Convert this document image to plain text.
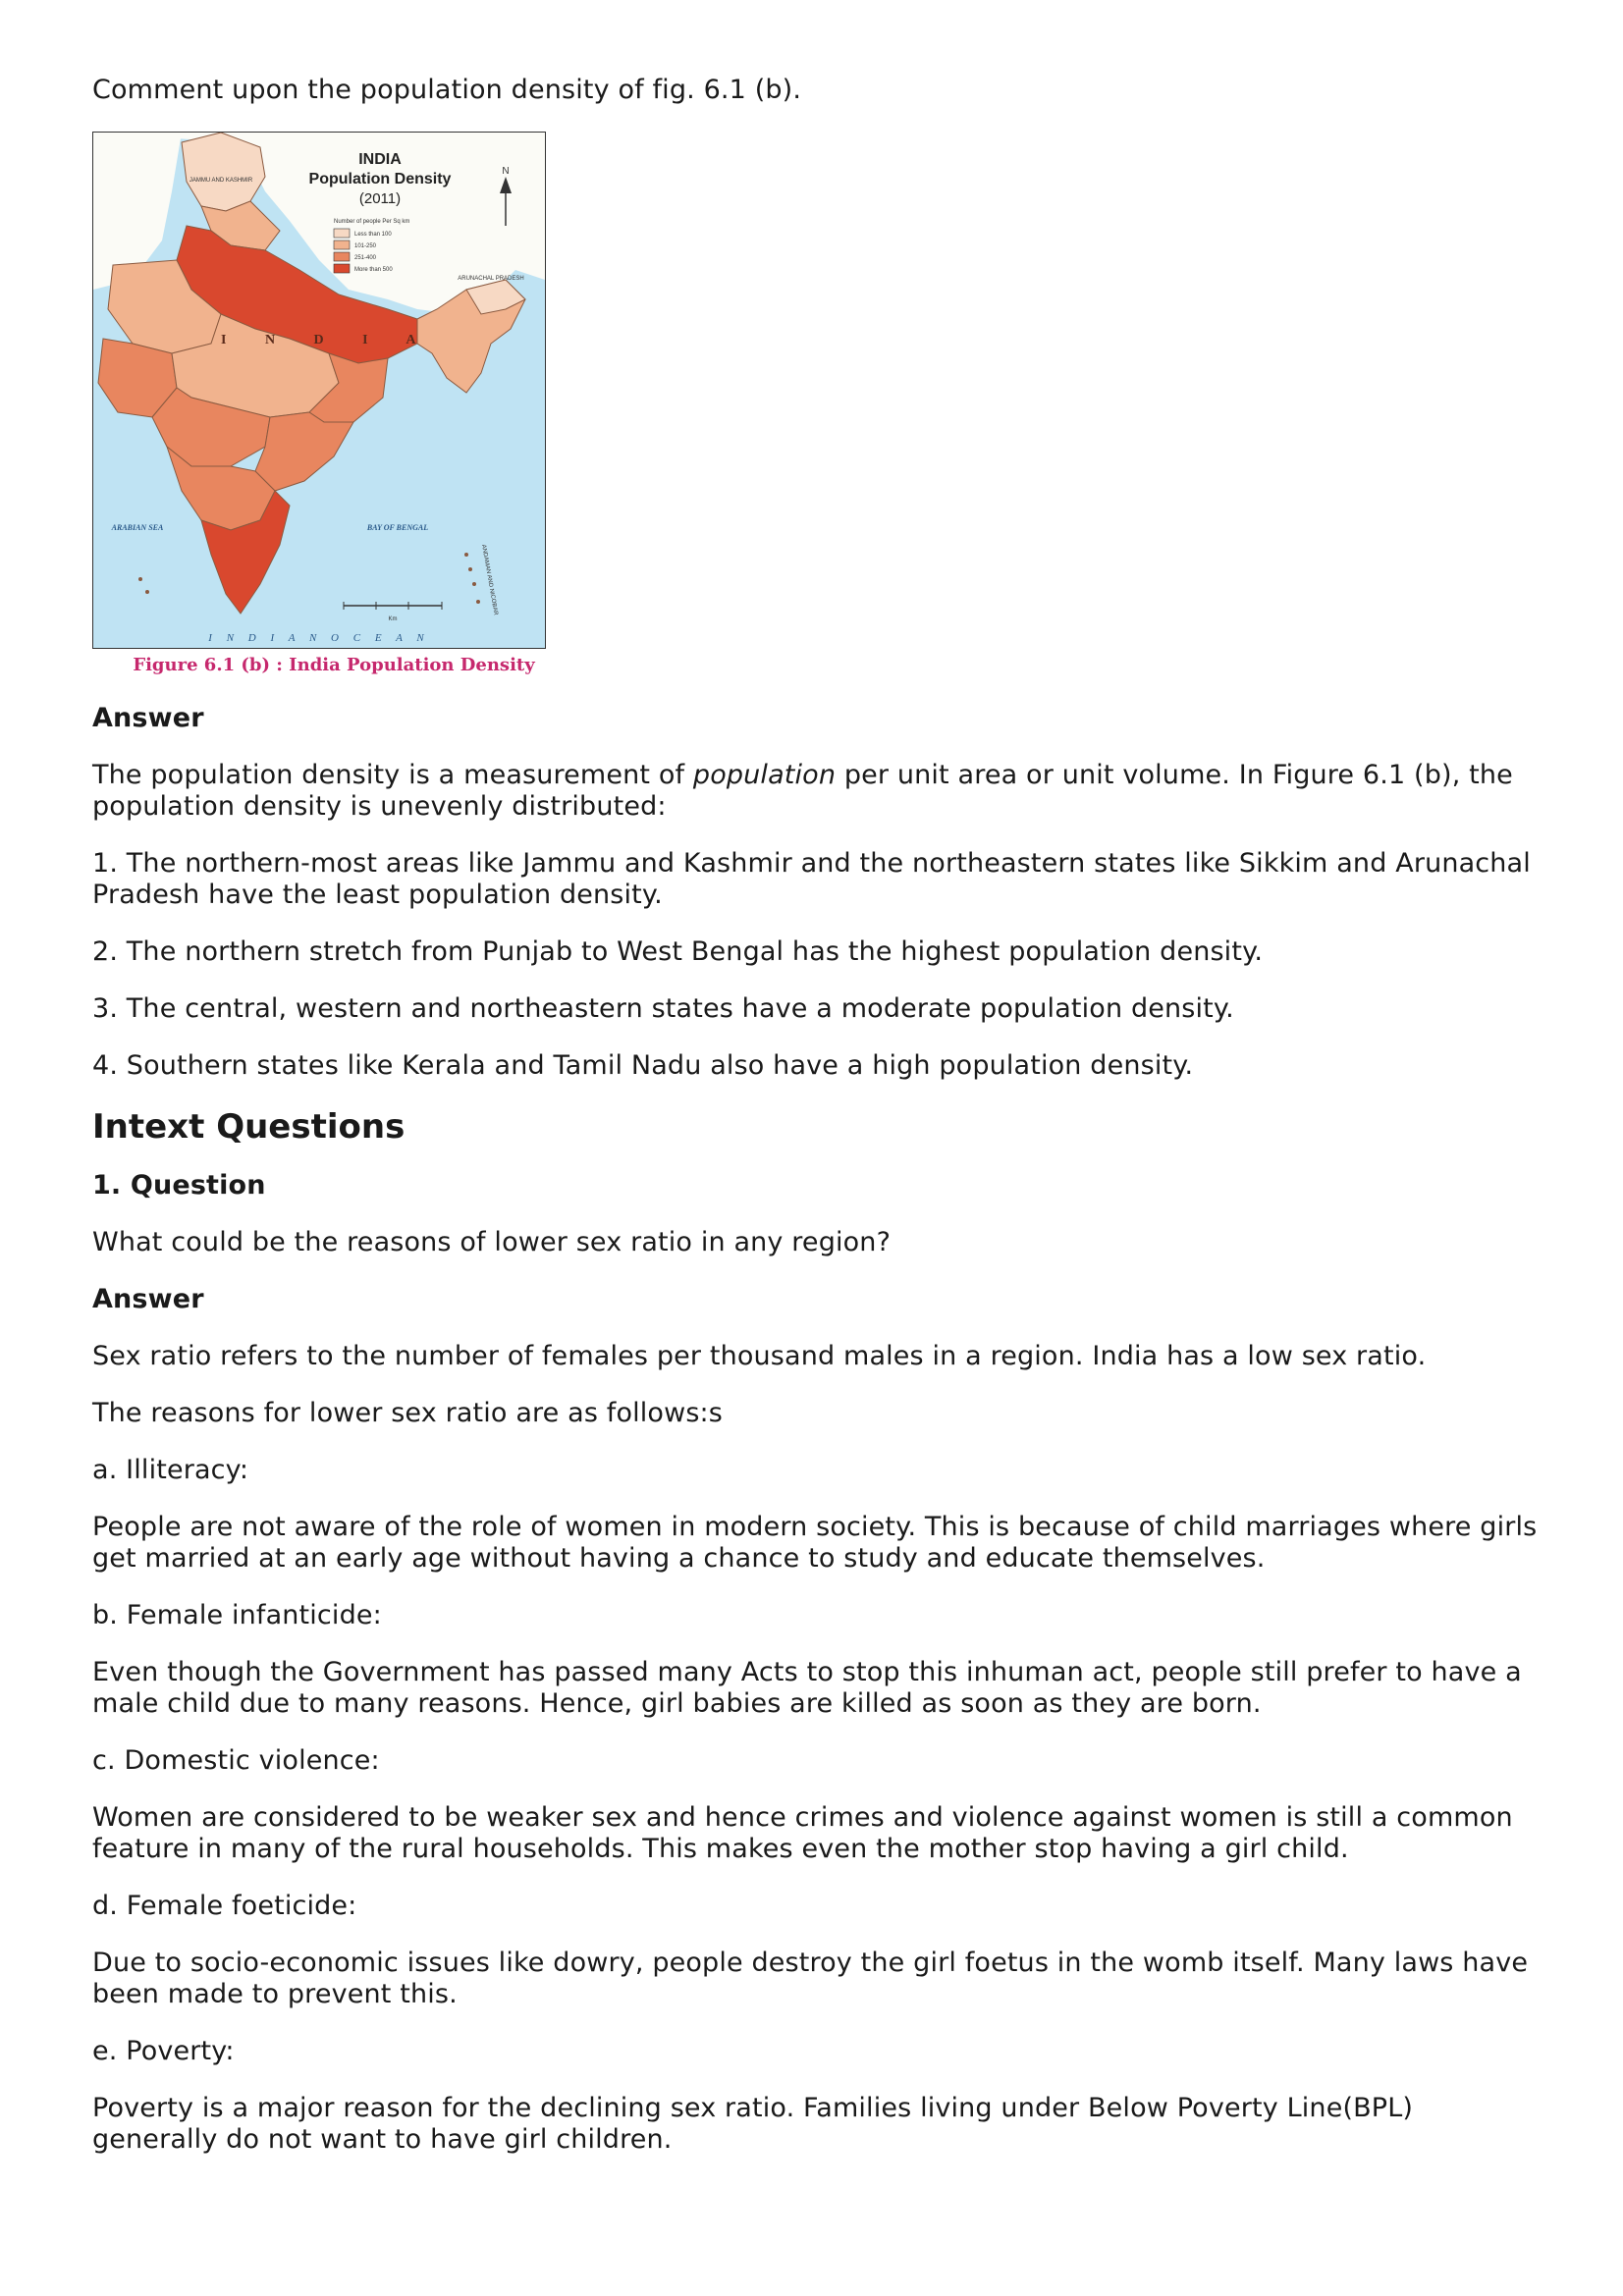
Comment upon the population density of fig. 6.1 (b).

INDIA
Population Density
(2011)
N
Number of people Per Sq km
Less than 100
101-250
251-400
More than 500
JAMMU AND KASHMIR
ARUNACHAL PRADESH
I N D I A
ARABIAN SEA	BAY OF BENGAL
I N D I A N O C E A N
ANDAMAN AND NICOBAR
Km
Figure 6.1 (b) : India Population Density

Answer

The population density is a measurement of population per unit area or unit volume. In Figure 6.1 (b), the population density is unevenly distributed:

1. The northern-most areas like Jammu and Kashmir and the northeastern states like Sikkim and Arunachal Pradesh have the least population density.

2. The northern stretch from Punjab to West Bengal has the highest population density.

3. The central, western and northeastern states have a moderate population density.

4. Southern states like Kerala and Tamil Nadu also have a high population density.

Intext Questions

1. Question

What could be the reasons of lower sex ratio in any region?

Answer

Sex ratio refers to the number of females per thousand males in a region. India has a low sex ratio.

The reasons for lower sex ratio are as follows:s

a. Illiteracy:

People are not aware of the role of women in modern society. This is because of child marriages where girls get married at an early age without having a chance to study and educate themselves.

b. Female infanticide:

Even though the Government has passed many Acts to stop this inhuman act, people still prefer to have a male child due to many reasons. Hence, girl babies are killed as soon as they are born.

c. Domestic violence:

Women are considered to be weaker sex and hence crimes and violence against women is still a common feature in many of the rural households. This makes even the mother stop having a girl child.

d. Female foeticide:

Due to socio-economic issues like dowry, people destroy the girl foetus in the womb itself. Many laws have been made to prevent this.

e. Poverty:

Poverty is a major reason for the declining sex ratio. Families living under Below Poverty Line(BPL) generally do not want to have girl children.
